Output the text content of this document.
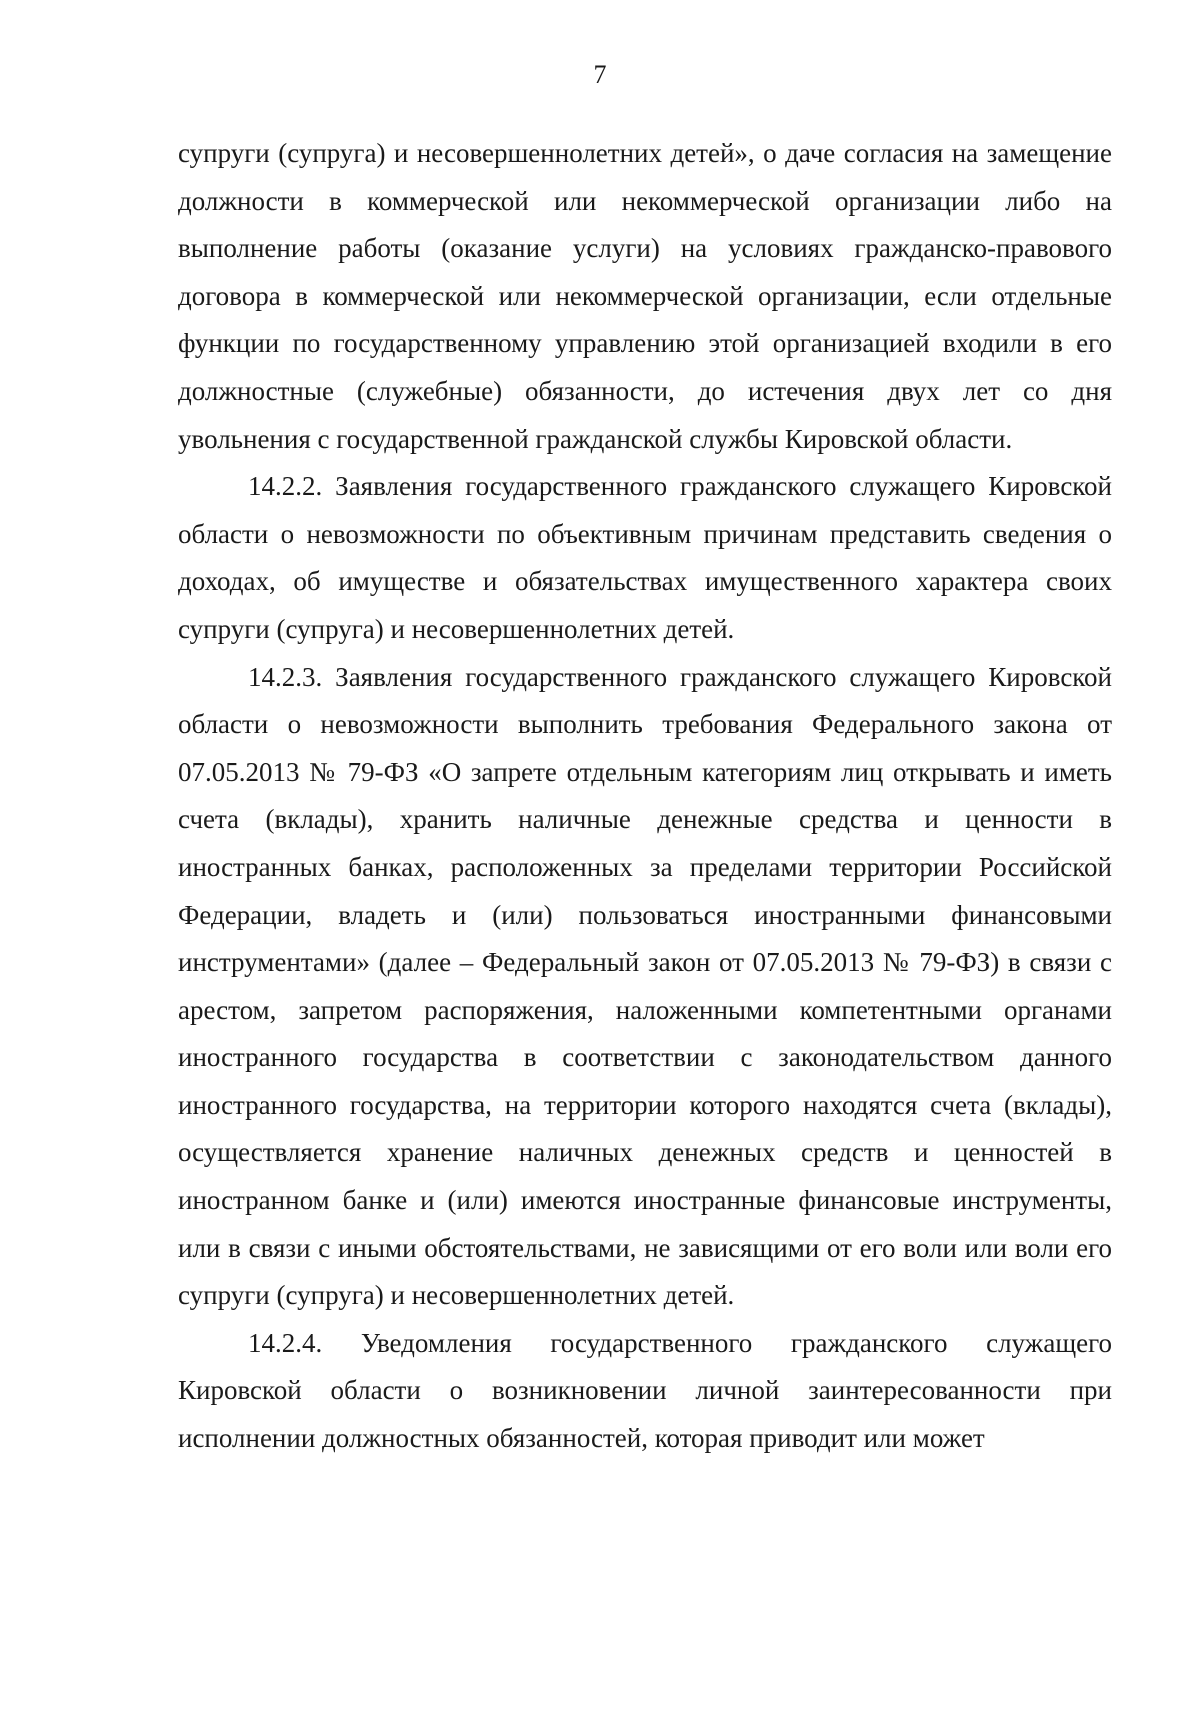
7

супруги (супруга) и несовершеннолетних детей», о даче согласия на замещение должности в коммерческой или некоммерческой организации либо на выполнение работы (оказание услуги) на условиях гражданско-правового договора в коммерческой или некоммерческой организации, если отдельные функции по государственному управлению этой организацией входили в его должностные (служебные) обязанности, до истечения двух лет со дня увольнения с государственной гражданской службы Кировской области.

14.2.2. Заявления государственного гражданского служащего Кировской области о невозможности по объективным причинам представить сведения о доходах, об имуществе и обязательствах имущественного характера своих супруги (супруга) и несовершеннолетних детей.

14.2.3. Заявления государственного гражданского служащего Кировской области о невозможности выполнить требования Федерального закона от 07.05.2013 № 79-ФЗ «О запрете отдельным категориям лиц открывать и иметь счета (вклады), хранить наличные денежные средства и ценности в иностранных банках, расположенных за пределами территории Российской Федерации, владеть и (или) пользоваться иностранными финансовыми инструментами» (далее – Федеральный закон от 07.05.2013 № 79-ФЗ) в связи с арестом, запретом распоряжения, наложенными компетентными органами иностранного государства в соответствии с законодательством данного иностранного государства, на территории которого находятся счета (вклады), осуществляется хранение наличных денежных средств и ценностей в иностранном банке и (или) имеются иностранные финансовые инструменты, или в связи с иными обстоятельствами, не зависящими от его воли или воли его супруги (супруга) и несовершеннолетних детей.

14.2.4. Уведомления государственного гражданского служащего Кировской области о возникновении личной заинтересованности при исполнении должностных обязанностей, которая приводит или может
